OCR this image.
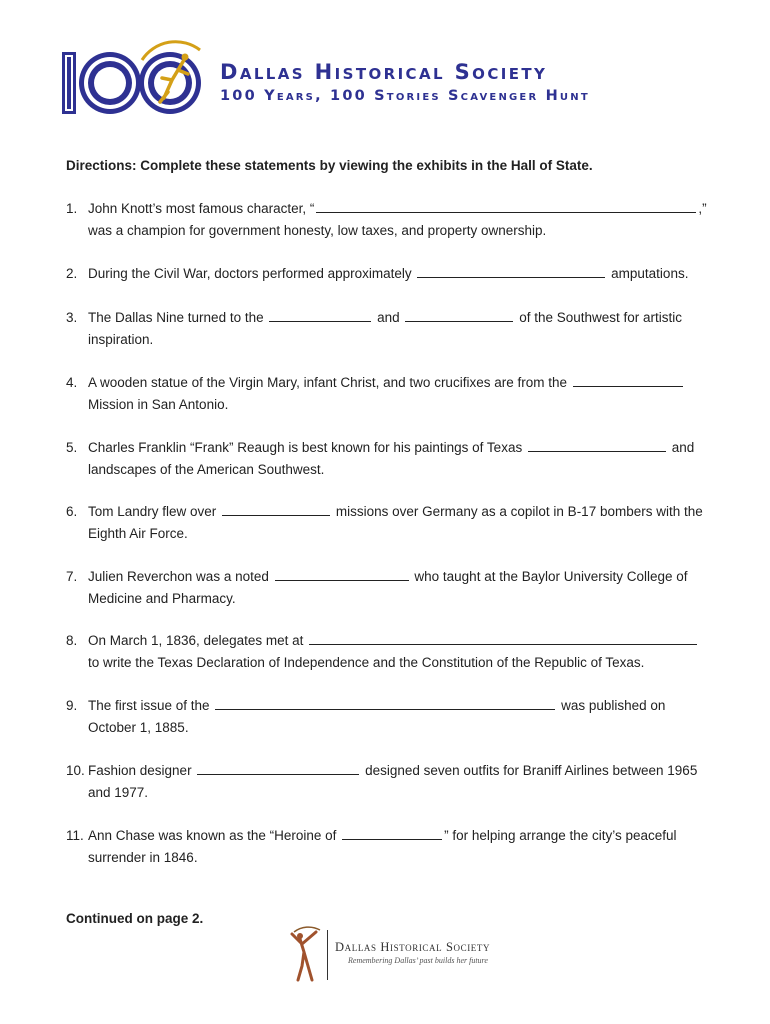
Dallas Historical Society
100 Years, 100 Stories Scavenger Hunt
Directions: Complete these statements by viewing the exhibits in the Hall of State.
1. John Knott’s most famous character, “	,”
was a champion for government honesty, low taxes, and property ownership.
2. During the Civil War, doctors performed approximately	amputations.
3. The Dallas Nine turned to the	and	of the Southwest for artistic
inspiration.
4. A wooden statue of the Virgin Mary, infant Christ, and two crucifixes are from the
Mission in San Antonio.
5. Charles Franklin “Frank” Reaugh is best known for his paintings of Texas	and
landscapes of the American Southwest.
6. Tom Landry flew over	missions over Germany as a copilot in B-17 bombers with the
Eighth Air Force.
7. Julien Reverchon was a noted	who taught at the Baylor University College of
Medicine and Pharmacy.
8. On March 1, 1836, delegates met at
to write the Texas Declaration of Independence and the Constitution of the Republic of Texas.
9. The first issue of the	was published on
October 1, 1885.
10. Fashion designer	designed seven outfits for Braniff Airlines between 1965
and 1977.
11. Ann Chase was known as the “Heroine of	” for helping arrange the city’s peaceful
surrender in 1846.
Continued on page 2.
Dallas Historical Society
Remembering Dallas’ past builds her future
